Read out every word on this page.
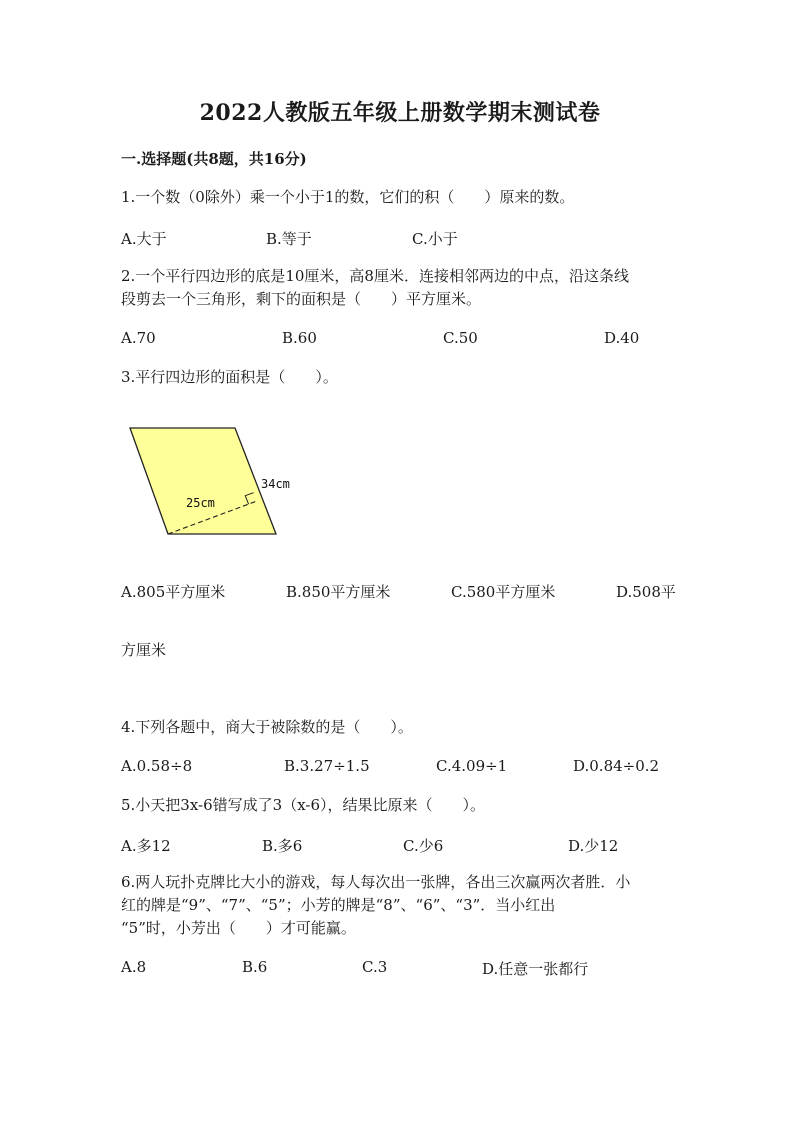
2022人教版五年级上册数学期末测试卷
一.选择题(共8题，共16分)
1.一个数（0除外）乘一个小于1的数，它们的积（　　）原来的数。
A.大于	B.等于	C.小于
2.一个平行四边形的底是10厘米，高8厘米．连接相邻两边的中点，沿这条线
段剪去一个三角形，剩下的面积是（　　）平方厘米。
A.70	B.60	C.50	D.40
3.平行四边形的面积是（　　）。
34cm
25cm
A.805平方厘米	B.850平方厘米	C.580平方厘米	D.508平
方厘米
4.下列各题中，商大于被除数的是（　　）。
A.0.58÷8	B.3.27÷1.5	C.4.09÷1	D.0.84÷0.2
5.小天把3x-6错写成了3（x-6），结果比原来（　　）。
A.多12	B.多6	C.少6	D.少12
6.两人玩扑克牌比大小的游戏，每人每次出一张牌，各出三次赢两次者胜．小
红的牌是“9”、“7”、“5”；小芳的牌是“8”、“6”、“3”．当小红出
“5”时，小芳出（　　）才可能赢。
A.8	B.6	C.3	D.任意一张都行
